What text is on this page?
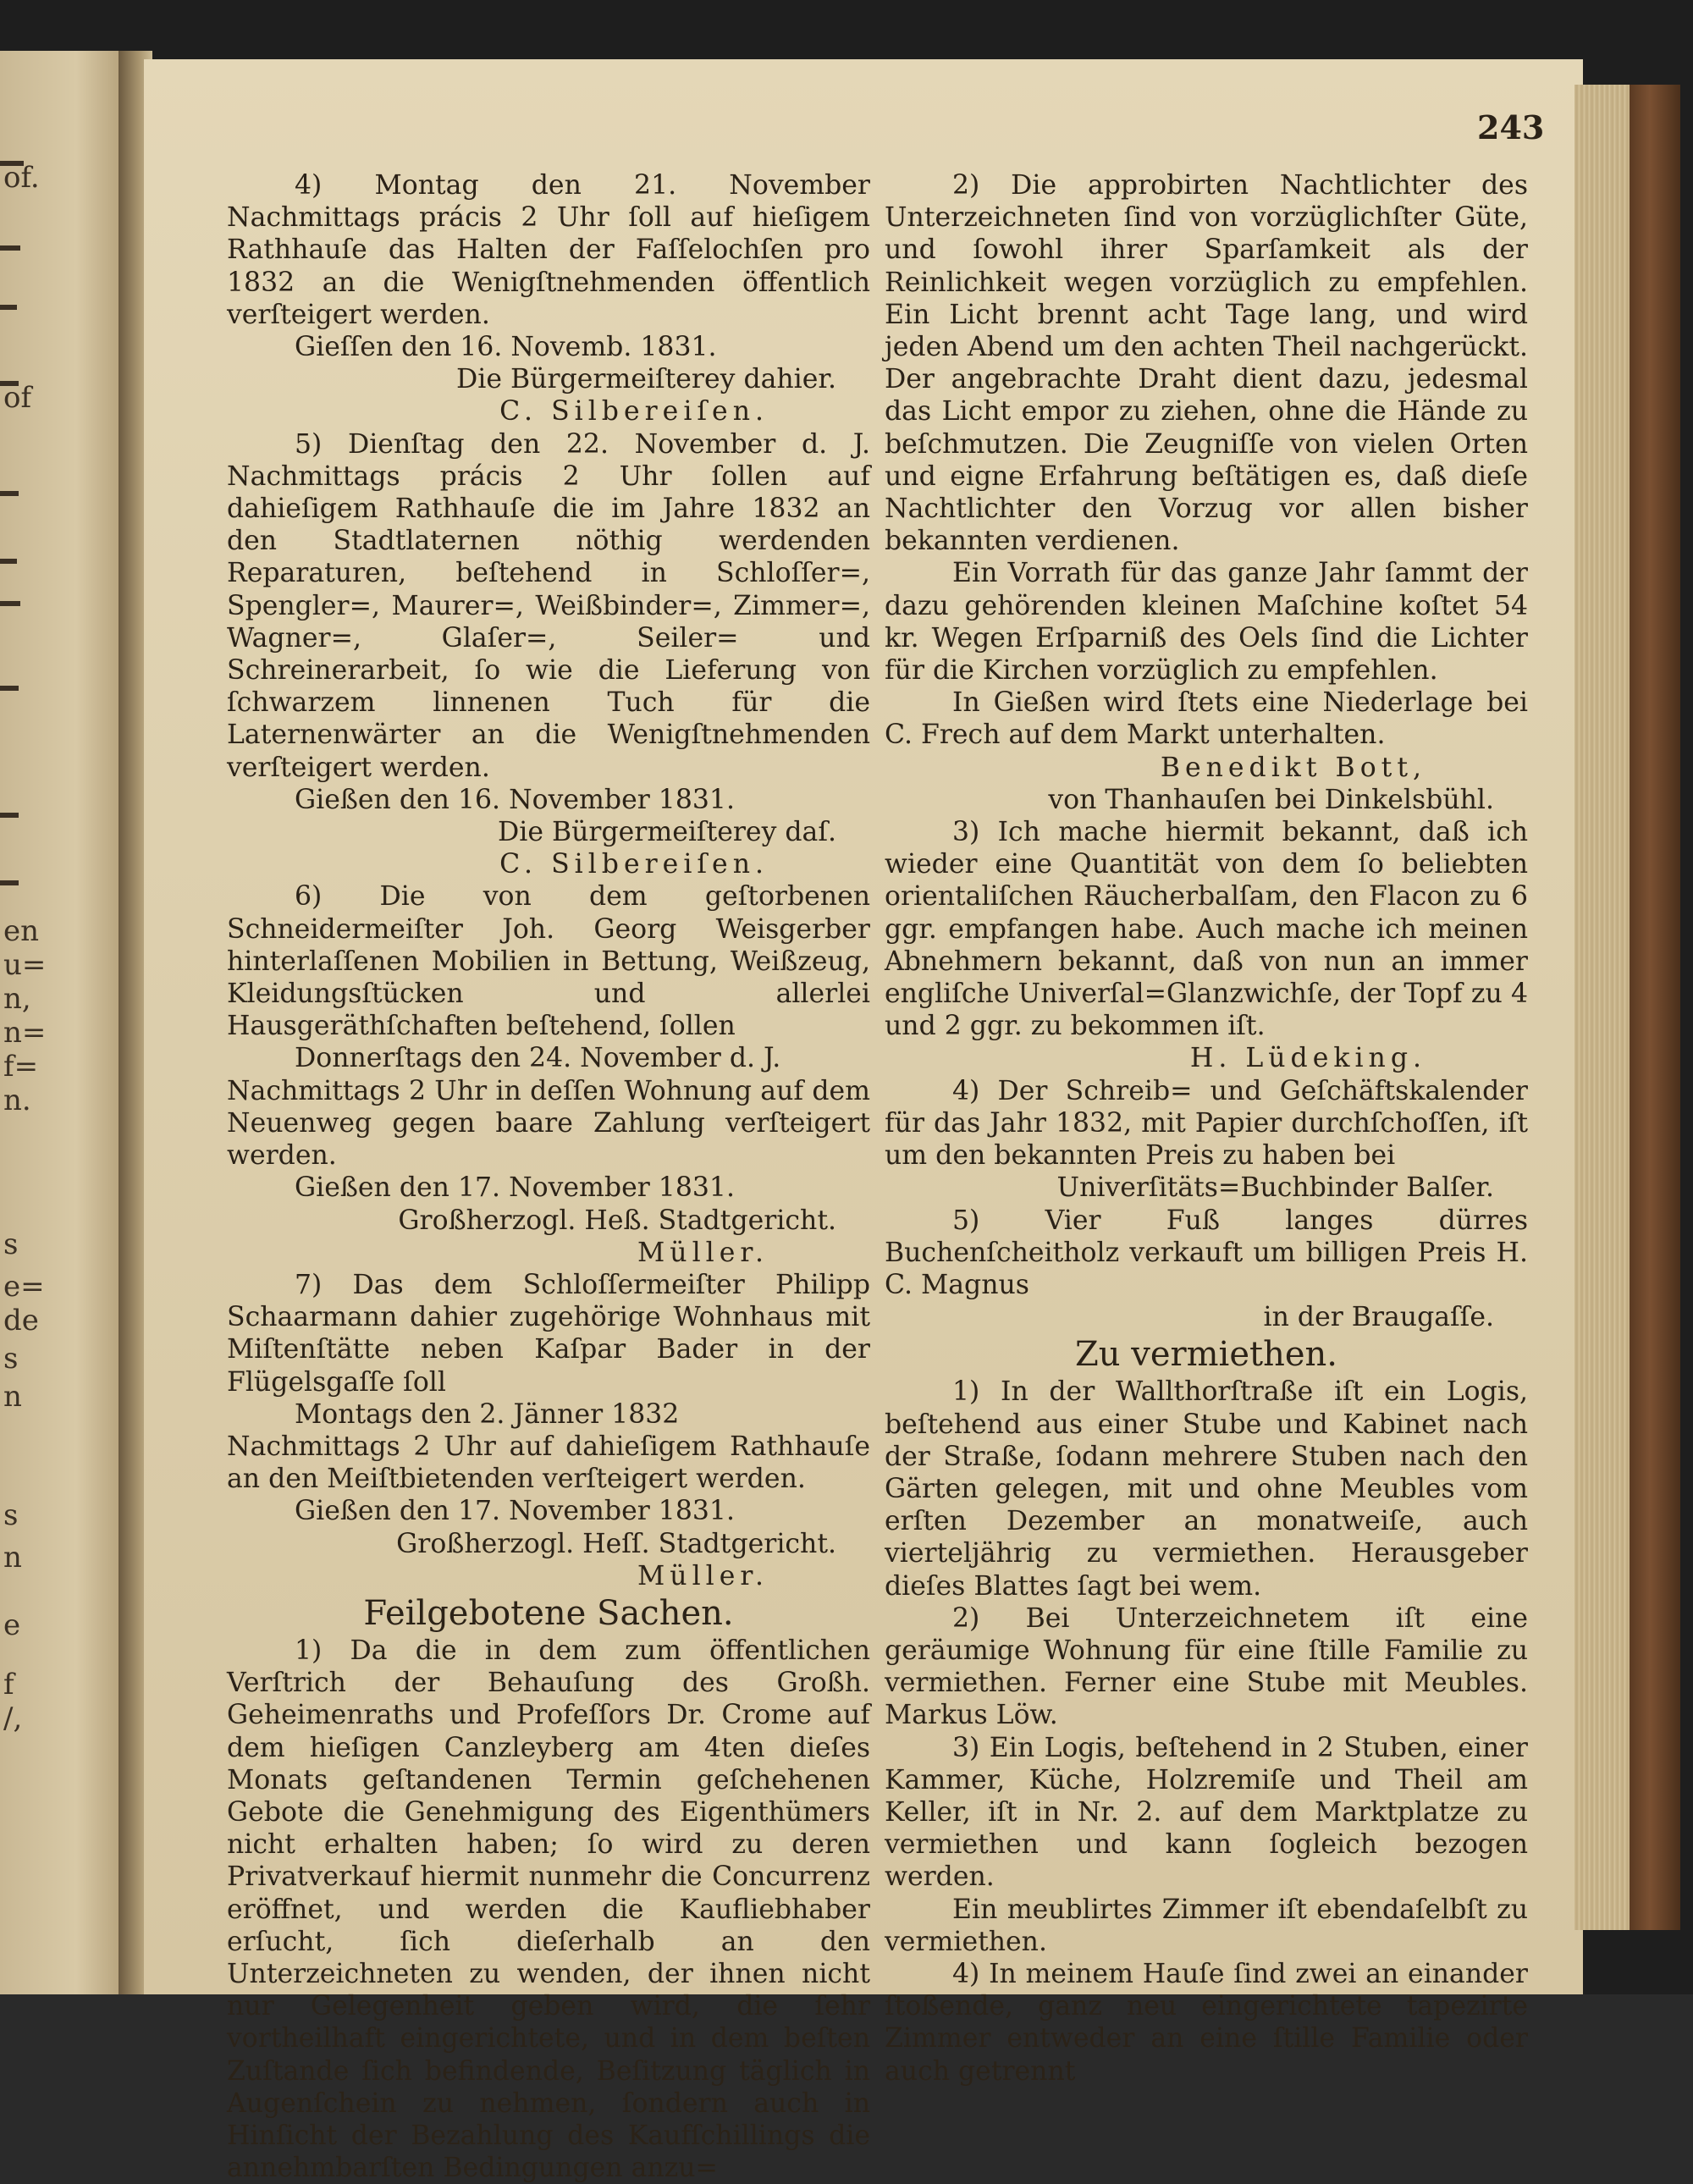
of.
of
en
u=
n,
n=
f=
n.
s
e=
de
s
n
s
n
e
f
/,
243

4) Montag den 21. November Nachmittags prácis 2 Uhr ſoll auf hieſigem Rathhauſe das Halten der Faſſelochſen pro 1832 an die Wenigſtnehmenden öffentlich verſteigert werden.

Gieſſen den 16. Novemb. 1831.

Die Bürgermeiſterey dahier.

C. Silbereiſen.

5) Dienſtag den 22. November d. J. Nachmittags prácis 2 Uhr ſollen auf dahieſigem Rathhauſe die im Jahre 1832 an den Stadtlaternen nöthig werdenden Reparaturen, beſtehend in Schloſſer=, Spengler=, Maurer=, Weißbinder=, Zimmer=, Wagner=, Glaſer=, Seiler= und Schreinerarbeit, ſo wie die Lieferung von ſchwarzem linnenen Tuch für die Laternenwärter an die Wenigſtnehmenden verſteigert werden.

Gießen den 16. November 1831.

Die Bürgermeiſterey daſ.

C. Silbereiſen.

6) Die von dem geſtorbenen Schneidermeiſter Joh. Georg Weisgerber hinterlaſſenen Mobilien in Bettung, Weißzeug, Kleidungsſtücken und allerlei Hausgeräthſchaften beſtehend, ſollen

Donnerſtags den 24. November d. J.

Nachmittags 2 Uhr in deſſen Wohnung auf dem Neuenweg gegen baare Zahlung verſteigert werden.

Gießen den 17. November 1831.

Großherzogl. Heß. Stadtgericht.

Müller.

7) Das dem Schloſſermeiſter Philipp Schaarmann dahier zugehörige Wohnhaus mit Miſtenſtätte neben Kaſpar Bader in der Flügelsgaſſe ſoll

Montags den 2. Jänner 1832

Nachmittags 2 Uhr auf dahieſigem Rathhauſe an den Meiſtbietenden verſteigert werden.

Gießen den 17. November 1831.

Großherzogl. Heſſ. Stadtgericht.

Müller.

Feilgebotene Sachen.

1) Da die in dem zum öffentlichen Verſtrich der Behauſung des Großh. Geheimenraths und Profeſſors Dr. Crome auf dem hieſigen Canzleyberg am 4ten dieſes Monats geſtandenen Termin geſchehenen Gebote die Genehmigung des Eigenthümers nicht erhalten haben; ſo wird zu deren Privatverkauf hiermit nunmehr die Concurrenz eröffnet, und werden die Kaufliebhaber erſucht, ſich dieſerhalb an den Unterzeichneten zu wenden, der ihnen nicht nur Gelegenheit geben wird, die ſehr vortheilhaft eingerichtete, und in dem beſten Zuſtande ſich befindende, Beſitzung täglich in Augenſchein zu nehmen, ſondern auch in Hinſicht der Bezahlung des Kaufſchillings die annehmbarſten Bedingungen anzu=

2) Die approbirten Nachtlichter des Unterzeichneten ſind von vorzüglichſter Güte, und ſowohl ihrer Sparſamkeit als der Reinlichkeit wegen vorzüglich zu empfehlen. Ein Licht brennt acht Tage lang, und wird jeden Abend um den achten Theil nachgerückt. Der angebrachte Draht dient dazu, jedesmal das Licht empor zu ziehen, ohne die Hände zu beſchmutzen. Die Zeugniſſe von vielen Orten und eigne Erfahrung beſtätigen es, daß dieſe Nachtlichter den Vorzug vor allen bisher bekannten verdienen.

Ein Vorrath für das ganze Jahr ſammt der dazu gehörenden kleinen Maſchine koſtet 54 kr. Wegen Erſparniß des Oels ſind die Lichter für die Kirchen vorzüglich zu empfehlen.

In Gießen wird ſtets eine Niederlage bei C. Frech auf dem Markt unterhalten.

Benedikt Bott,

von Thanhauſen bei Dinkelsbühl.

3) Ich mache hiermit bekannt, daß ich wieder eine Quantität von dem ſo beliebten orientaliſchen Räucherbalſam, den Flacon zu 6 ggr. empfangen habe. Auch mache ich meinen Abnehmern bekannt, daß von nun an immer engliſche Univerſal=Glanzwichſe, der Topf zu 4 und 2 ggr. zu bekommen iſt.

H. Lüdeking.

4) Der Schreib= und Geſchäftskalender für das Jahr 1832, mit Papier durchſchoſſen, iſt um den bekannten Preis zu haben bei

Univerſitäts=Buchbinder Balſer.

5) Vier Fuß langes dürres Buchenſcheitholz verkauft um billigen Preis H. C. Magnus

in der Braugaſſe.

Zu vermiethen.

1) In der Wallthorſtraße iſt ein Logis, beſtehend aus einer Stube und Kabinet nach der Straße, ſodann mehrere Stuben nach den Gärten gelegen, mit und ohne Meubles vom erſten Dezember an monatweiſe, auch vierteljährig zu vermiethen. Herausgeber dieſes Blattes ſagt bei wem.

2) Bei Unterzeichnetem iſt eine geräumige Wohnung für eine ſtille Familie zu vermiethen. Ferner eine Stube mit Meubles. Markus Löw.

3) Ein Logis, beſtehend in 2 Stuben, einer Kammer, Küche, Holzremiſe und Theil am Keller, iſt in Nr. 2. auf dem Marktplatze zu vermiethen und kann ſogleich bezogen werden.

Ein meublirtes Zimmer iſt ebendaſelbſt zu vermiethen.

4) In meinem Hauſe ſind zwei an einander ſtoßende, ganz neu eingerichtete tapezirte Zimmer entweder an eine ſtille Familie oder auch getrennt
